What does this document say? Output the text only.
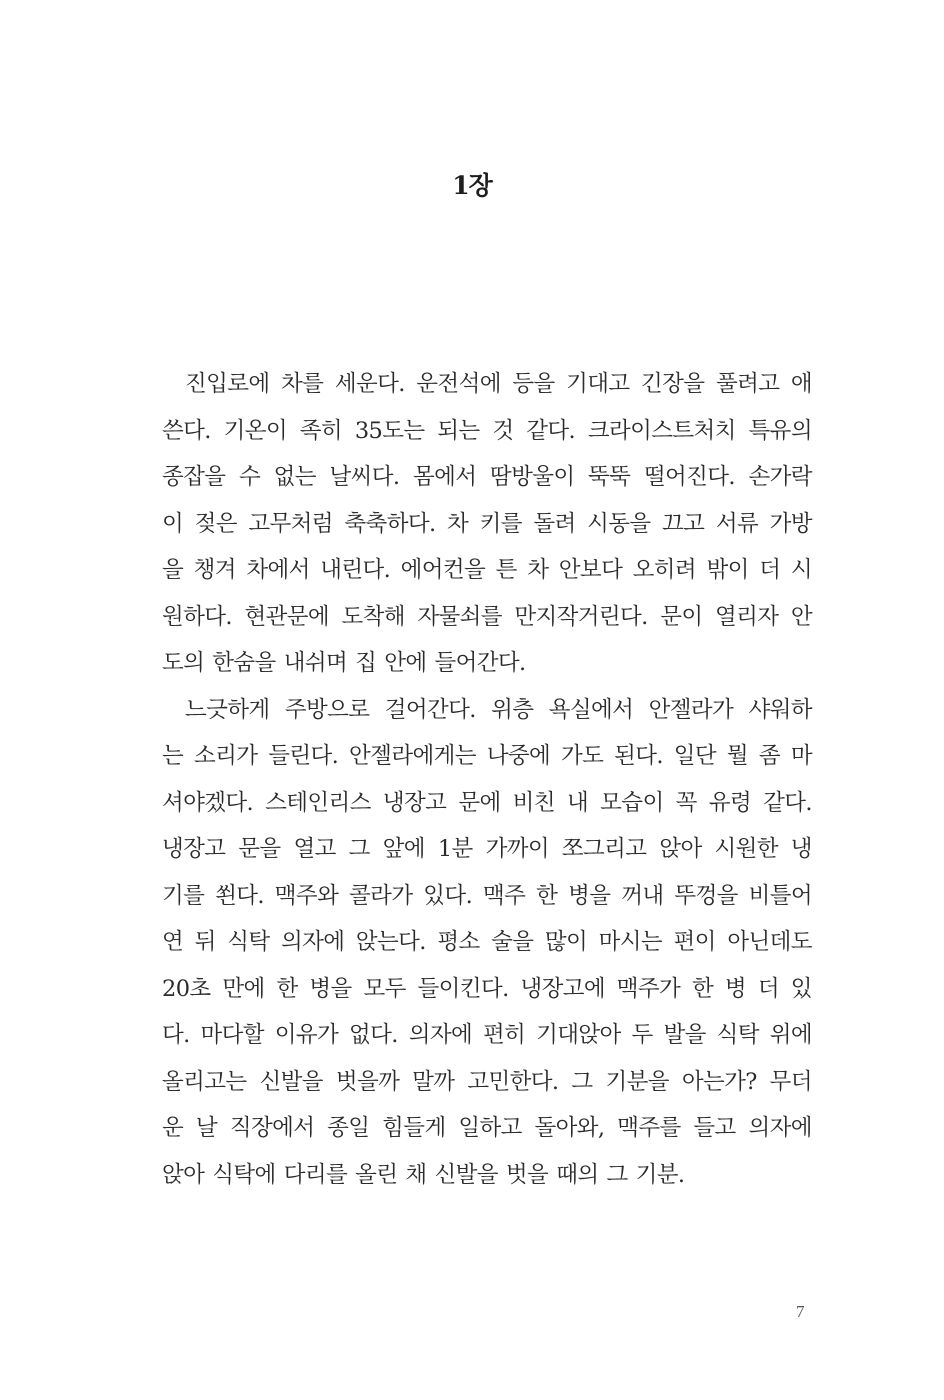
1장
진입로에 차를 세운다. 운전석에 등을 기대고 긴장을 풀려고 애
쓴다. 기온이 족히 35도는 되는 것 같다. 크라이스트처치 특유의
종잡을 수 없는 날씨다. 몸에서 땀방울이 뚝뚝 떨어진다. 손가락
이 젖은 고무처럼 축축하다. 차 키를 돌려 시동을 끄고 서류 가방
을 챙겨 차에서 내린다. 에어컨을 튼 차 안보다 오히려 밖이 더 시
원하다. 현관문에 도착해 자물쇠를 만지작거린다. 문이 열리자 안
도의 한숨을 내쉬며 집 안에 들어간다.
느긋하게 주방으로 걸어간다. 위층 욕실에서 안젤라가 샤워하
는 소리가 들린다. 안젤라에게는 나중에 가도 된다. 일단 뭘 좀 마
셔야겠다. 스테인리스 냉장고 문에 비친 내 모습이 꼭 유령 같다.
냉장고 문을 열고 그 앞에 1분 가까이 쪼그리고 앉아 시원한 냉
기를 쐰다. 맥주와 콜라가 있다. 맥주 한 병을 꺼내 뚜껑을 비틀어
연 뒤 식탁 의자에 앉는다. 평소 술을 많이 마시는 편이 아닌데도
20초 만에 한 병을 모두 들이킨다. 냉장고에 맥주가 한 병 더 있
다. 마다할 이유가 없다. 의자에 편히 기대앉아 두 발을 식탁 위에
올리고는 신발을 벗을까 말까 고민한다. 그 기분을 아는가? 무더
운 날 직장에서 종일 힘들게 일하고 돌아와, 맥주를 들고 의자에
앉아 식탁에 다리를 올린 채 신발을 벗을 때의 그 기분.
7
